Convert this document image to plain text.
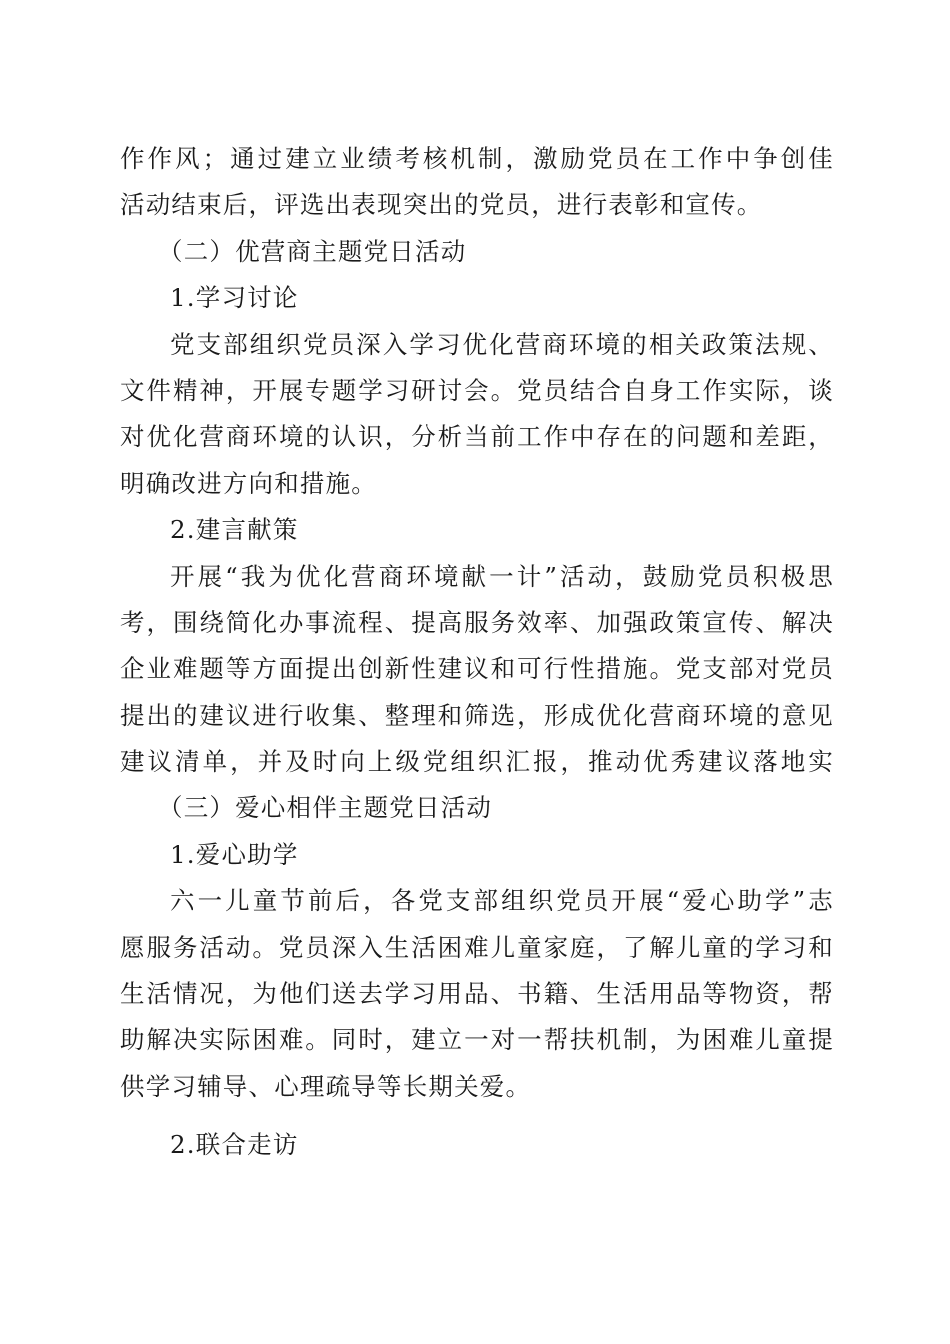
作作风；通过建立业绩考核机制，激励党员在工作中争创佳
活动结束后，评选出表现突出的党员，进行表彰和宣传。
（二）优营商主题党日活动
1.学习讨论
党支部组织党员深入学习优化营商环境的相关政策法规、
文件精神，开展专题学习研讨会。党员结合自身工作实际，谈
对优化营商环境的认识，分析当前工作中存在的问题和差距，
明确改进方向和措施。
2.建言献策
开展“我为优化营商环境献一计”活动，鼓励党员积极思
考，围绕简化办事流程、提高服务效率、加强政策宣传、解决
企业难题等方面提出创新性建议和可行性措施。党支部对党员
提出的建议进行收集、整理和筛选，形成优化营商环境的意见
建议清单，并及时向上级党组织汇报，推动优秀建议落地实
（三）爱心相伴主题党日活动
1.爱心助学
六一儿童节前后，各党支部组织党员开展“爱心助学”志
愿服务活动。党员深入生活困难儿童家庭，了解儿童的学习和
生活情况，为他们送去学习用品、书籍、生活用品等物资，帮
助解决实际困难。同时，建立一对一帮扶机制，为困难儿童提
供学习辅导、心理疏导等长期关爱。
2.联合走访
